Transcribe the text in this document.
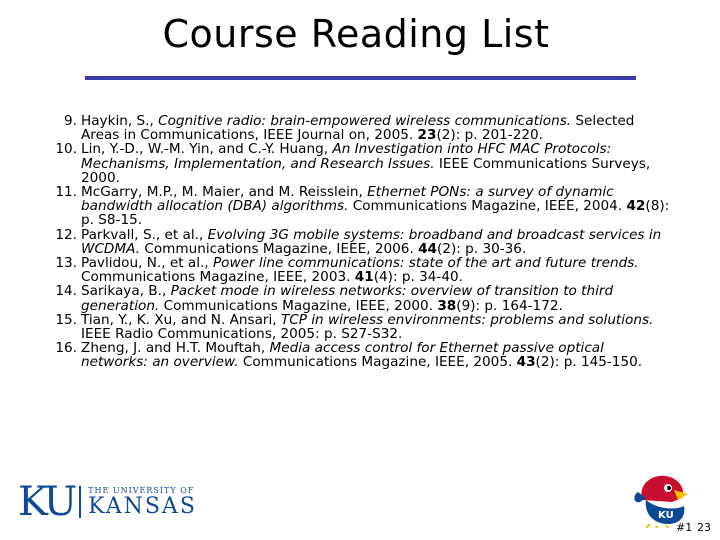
Course Reading List
9. Haykin, S., Cognitive radio: brain-empowered wireless communications. Selected Areas in Communications, IEEE Journal on, 2005. 23(2): p. 201-220.
10. Lin, Y.-D., W.-M. Yin, and C.-Y. Huang, An Investigation into HFC MAC Protocols: Mechanisms, Implementation, and Research Issues. IEEE Communications Surveys, 2000.
11. McGarry, M.P., M. Maier, and M. Reisslein, Ethernet PONs: a survey of dynamic bandwidth allocation (DBA) algorithms. Communications Magazine, IEEE, 2004. 42(8): p. S8-15.
12. Parkvall, S., et al., Evolving 3G mobile systems: broadband and broadcast services in WCDMA. Communications Magazine, IEEE, 2006. 44(2): p. 30-36.
13. Pavlidou, N., et al., Power line communications: state of the art and future trends. Communications Magazine, IEEE, 2003. 41(4): p. 34-40.
14. Sarikaya, B., Packet mode in wireless networks: overview of transition to third generation. Communications Magazine, IEEE, 2000. 38(9): p. 164-172.
15. Tian, Y., K. Xu, and N. Ansari, TCP in wireless environments: problems and solutions. IEEE Radio Communications, 2005: p. S27-S32.
16. Zheng, J. and H.T. Mouftah, Media access control for Ethernet passive optical networks: an overview. Communications Magazine, IEEE, 2005. 43(2): p. 145-150.
KU THE UNIVERSITY OF
KANSAS	KU
#1 23
